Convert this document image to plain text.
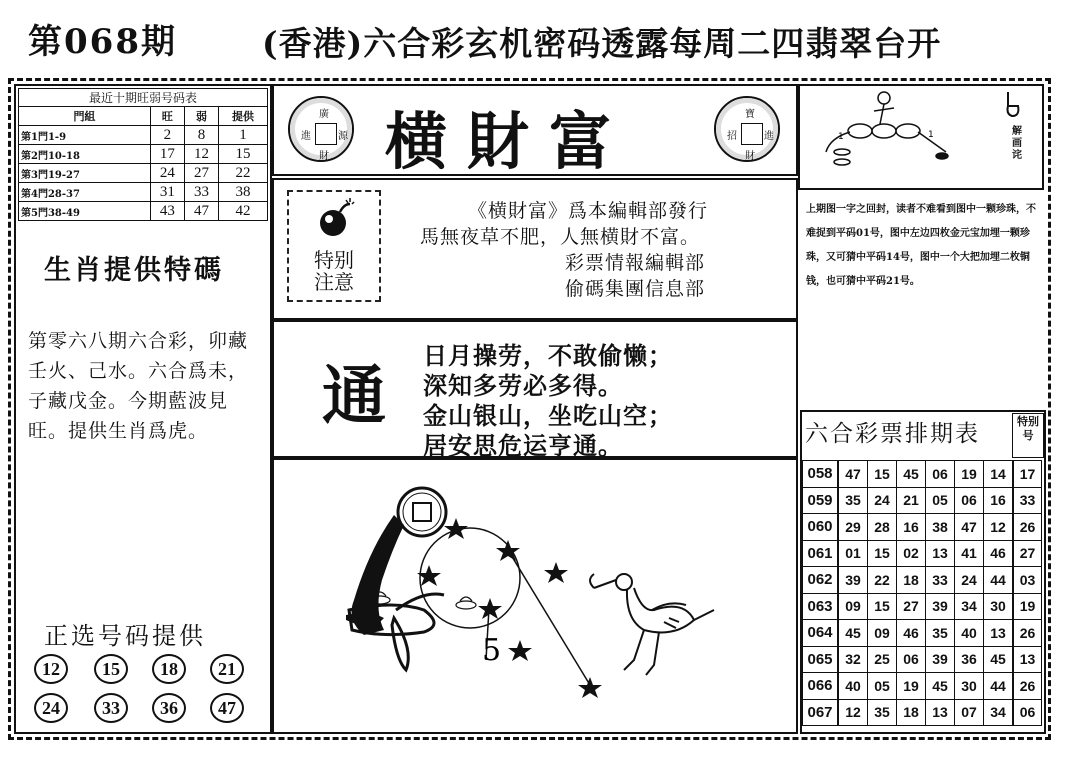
第068期	(香港)六合彩玄机密码透露每周二四翡翠台开
最近十期旺弱号码表			
門組	旺	弱	提供
第1門1-9	2	8	1
第2門10-18	17	12	15
第3門19-27	24	27	22
第4門28-37	31	33	38
第5門38-49	43	47	42
生肖提供特碼
第零六八期六合彩，卯藏壬火、己水。六合爲未，子藏戊金。今期藍波見旺。提供生肖爲虎。
正选号码提供
12	15	18	21
24	33	36	47
廣
進	源
財 横財富	寶
招	進
財
特别
注意
《横財富》爲本編輯部發行
馬無夜草不肥，人無横財不富。
彩票情報編輯部
偷碼集團信息部
通
日月操劳，不敢偷懒；
深知多劳必多得。
金山银山，坐吃山空；
居安思危运亨通。
5
1	1	解画诧
上期图一字之回封，读者不难看到图中一颗珍珠，不难捉到平码01号，图中左边四枚金元宝加埋一颗珍珠，又可猜中平码14号，图中一个大把加埋二枚铜钱，也可猜中平码21号。
六合彩票排期表	特别号
058	47	15	45	06	19	14	17
059	35	24	21	05	06	16	33
060	29	28	16	38	47	12	26
061	01	15	02	13	41	46	27
062	39	22	18	33	24	44	03
063	09	15	27	39	34	30	19
064	45	09	46	35	40	13	26
065	32	25	06	39	36	45	13
066	40	05	19	45	30	44	26
067	12	35	18	13	07	34	06
